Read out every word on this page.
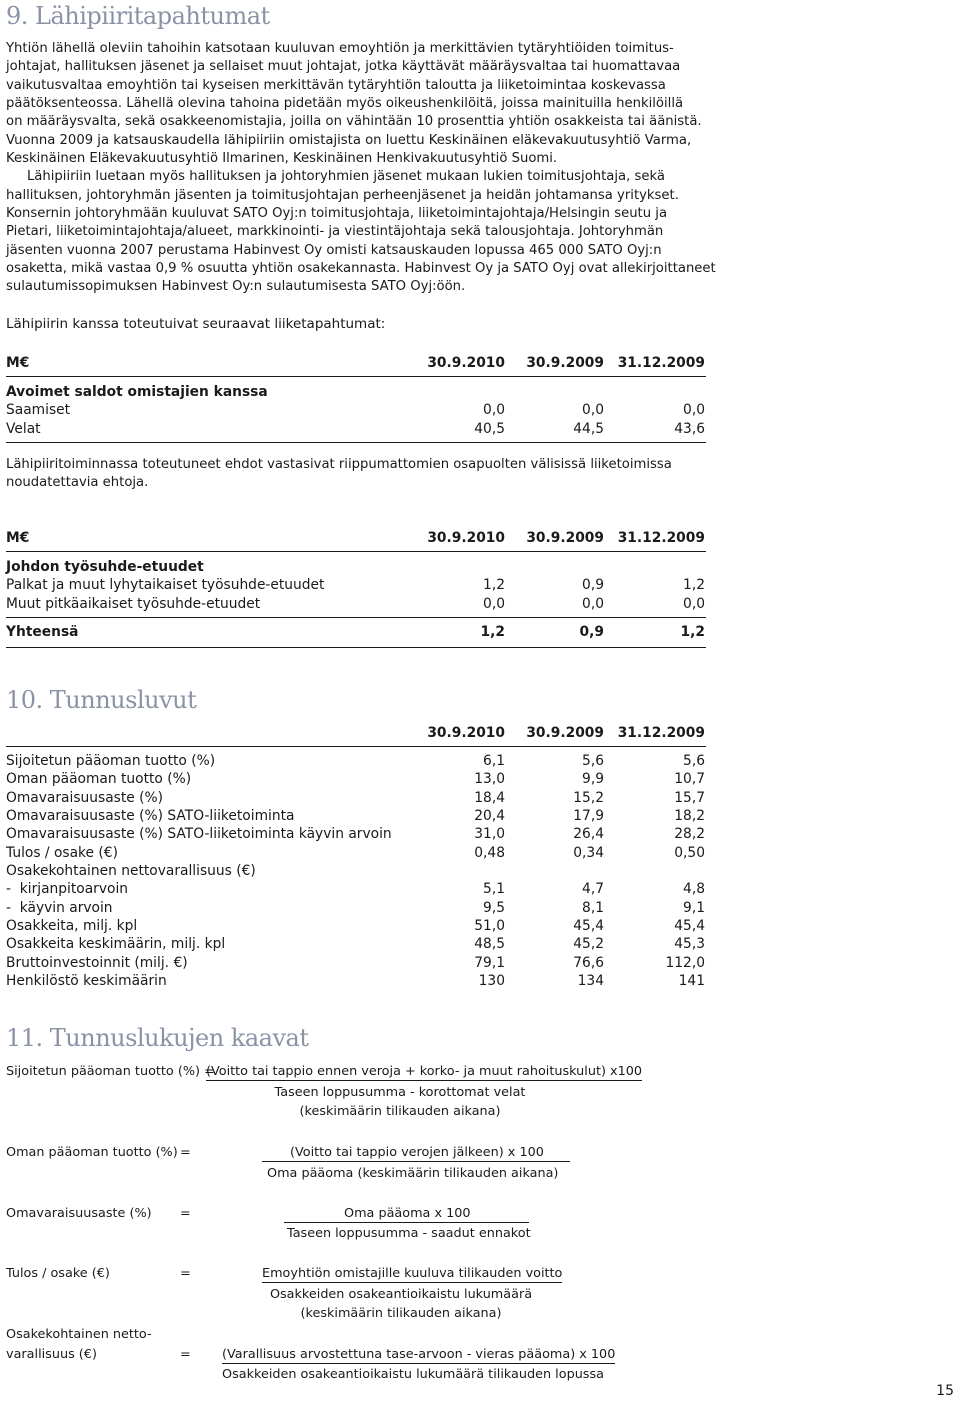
9. Lähipiiritapahtumat
Yhtiön lähellä oleviin tahoihin katsotaan kuuluvan emoyhtiön ja merkittävien tytäryhtiöiden toimitus-
johtajat, hallituksen jäsenet ja sellaiset muut johtajat, jotka käyttävät määräysvaltaa tai huomattavaa
vaikutusvaltaa emoyhtiön tai kyseisen merkittävän tytäryhtiön taloutta ja liiketoimintaa koskevassa
päätöksenteossa. Lähellä olevina tahoina pidetään myös oikeushenkilöitä, joissa mainituilla henkilöillä
on määräysvalta, sekä osakkeenomistajia, joilla on vähintään 10 prosenttia yhtiön osakkeista tai äänistä.
Vuonna 2009 ja katsauskaudella lähipiiriin omistajista on luettu Keskinäinen eläkevakuutusyhtiö Varma,
Keskinäinen Eläkevakuutusyhtiö Ilmarinen, Keskinäinen Henkivakuutusyhtiö Suomi.
Lähipiiriin luetaan myös hallituksen ja johtoryhmien jäsenet mukaan lukien toimitusjohtaja, sekä
hallituksen, johtoryhmän jäsenten ja toimitusjohtajan perheenjäsenet ja heidän johtamansa yritykset.
Konsernin johtoryhmään kuuluvat SATO Oyj:n toimitusjohtaja, liiketoimintajohtaja/Helsingin seutu ja
Pietari, liiketoimintajohtaja/alueet, markkinointi- ja viestintäjohtaja sekä talousjohtaja. Johtoryhmän
jäsenten vuonna 2007 perustama Habinvest Oy omisti katsauskauden lopussa 465 000 SATO Oyj:n
osaketta, mikä vastaa 0,9 % osuutta yhtiön osakekannasta. Habinvest Oy ja SATO Oyj ovat allekirjoittaneet
sulautumissopimuksen Habinvest Oy:n sulautumisesta SATO Oyj:öön.
Lähipiirin kanssa toteutuivat seuraavat liiketapahtumat:
M€	30.9.2010	30.9.2009 31.12.2009
Avoimet saldot omistajien kanssa
Saamiset	0,0	0,0	0,0
Velat	40,5	44,5	43,6
Lähipiiritoiminnassa toteutuneet ehdot vastasivat riippumattomien osapuolten välisissä liiketoimissa
noudatettavia ehtoja.
M€	30.9.2010	30.9.2009 31.12.2009
Johdon työsuhde-etuudet
Palkat ja muut lyhytaikaiset työsuhde-etuudet	1,2	0,9	1,2
Muut pitkäaikaiset työsuhde-etuudet	0,0	0,0	0,0
Yhteensä	1,2	0,9	1,2
10. Tunnusluvut
30.9.2010	30.9.2009 31.12.2009
Sijoitetun pääoman tuotto (%)	6,1	5,6	5,6
Oman pääoman tuotto (%)	13,0	9,9	10,7
Omavaraisuusaste (%)	18,4	15,2	15,7
Omavaraisuusaste (%) SATO-liiketoiminta	20,4	17,9	18,2
Omavaraisuusaste (%) SATO-liiketoiminta käyvin arvoin	31,0	26,4	28,2
Tulos / osake (€)	0,48	0,34	0,50
Osakekohtainen nettovarallisuus (€)
-  kirjanpitoarvoin	5,1	4,7	4,8
-  käyvin arvoin	9,5	8,1	9,1
Osakkeita, milj. kpl	51,0	45,4	45,4
Osakkeita keskimäärin, milj. kpl	48,5	45,2	45,3
Bruttoinvestoinnit (milj. €)	79,1	76,6	112,0
Henkilöstö keskimäärin	130	134	141
11. Tunnuslukujen kaavat
Sijoitetun pääoman tuotto (%) =
(Voitto tai tappio ennen veroja + korko- ja muut rahoituskulut) x100
Taseen loppusumma - korottomat velat
(keskimäärin tilikauden aikana)
Oman pääoman tuotto (%) =	(Voitto tai tappio verojen jälkeen) x 100
Oma pääoma (keskimäärin tilikauden aikana)
Omavaraisuusaste (%) =	Oma pääoma x 100
Taseen loppusumma - saadut ennakot
Tulos / osake (€)	=	Emoyhtiön omistajille kuuluva tilikauden voitto
Osakkeiden osakeantioikaistu lukumäärä
(keskimäärin tilikauden aikana)
Osakekohtainen netto-
varallisuus (€)	= (Varallisuus arvostettuna tase-arvoon - vieras pääoma) x 100
Osakkeiden osakeantioikaistu lukumäärä tilikauden lopussa
15
